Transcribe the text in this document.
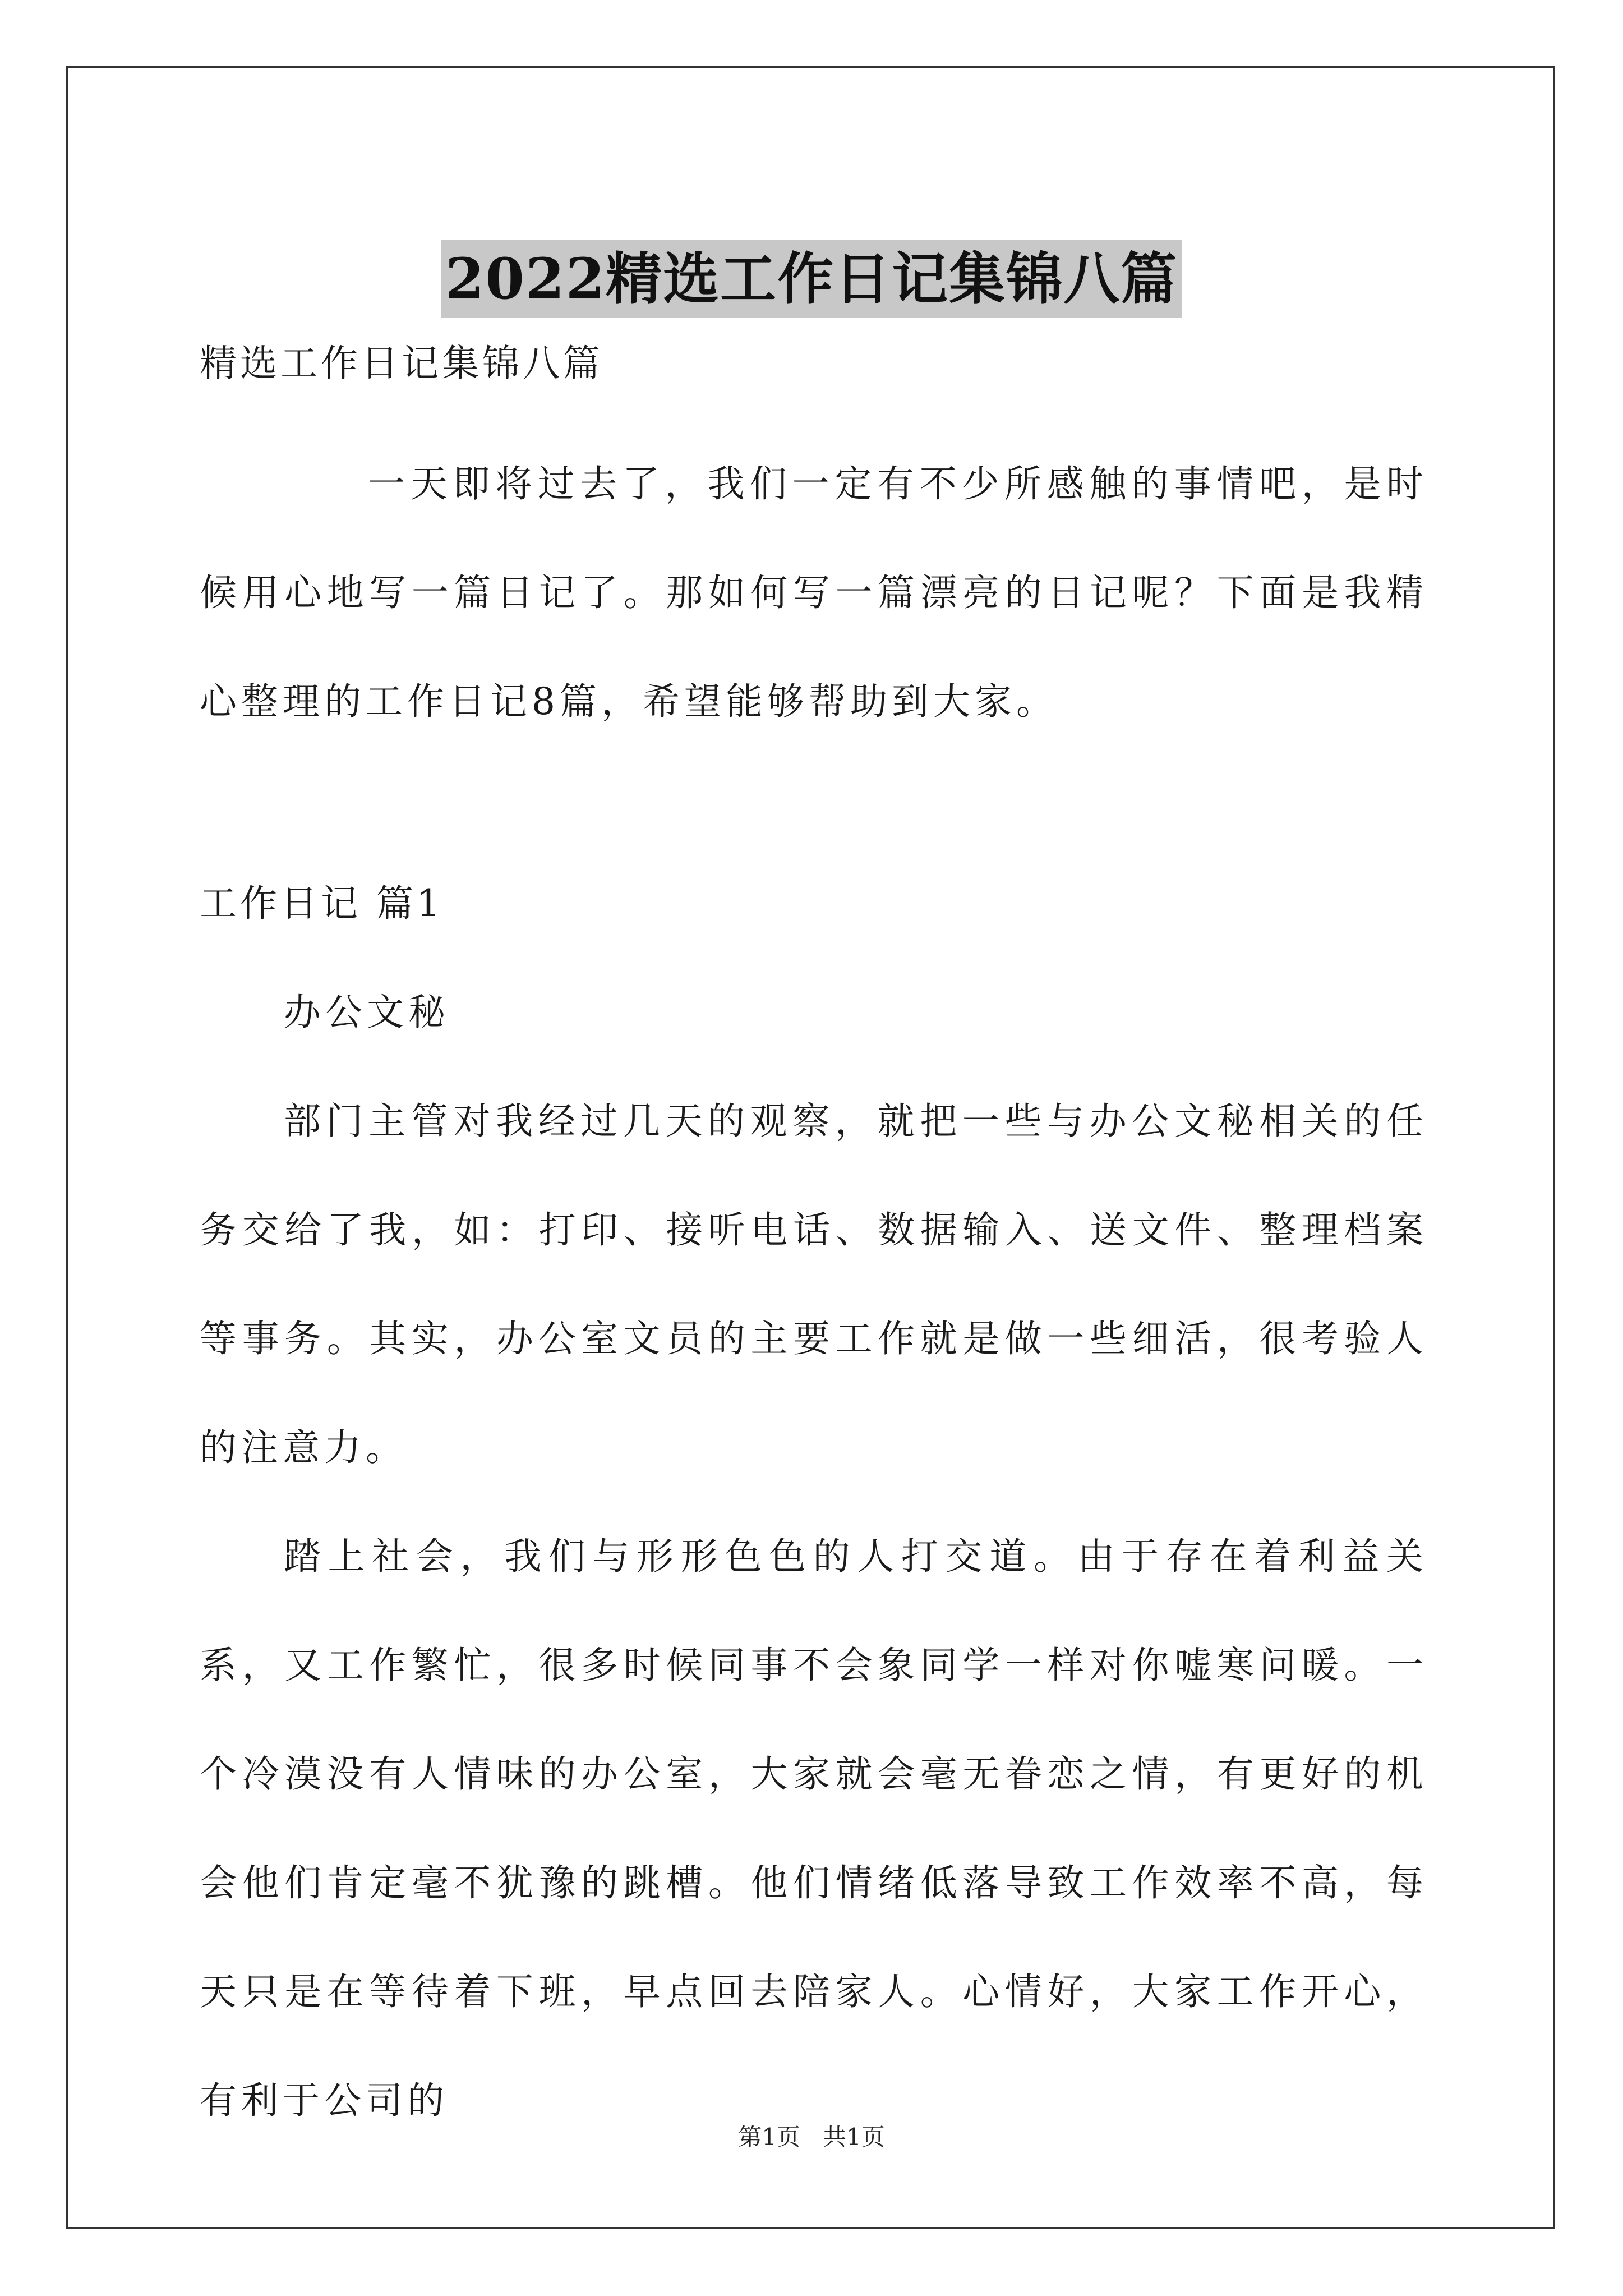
2022精选工作日记集锦八篇

精选工作日记集锦八篇

一天即将过去了，我们一定有不少所感触的事情吧，是时候用心地写一篇日记了。那如何写一篇漂亮的日记呢？下面是我精心整理的工作日记8篇，希望能够帮助到大家。

工作日记 篇1

办公文秘

部门主管对我经过几天的观察，就把一些与办公文秘相关的任务交给了我，如：打印、接听电话、数据输入、送文件、整理档案等事务。其实，办公室文员的主要工作就是做一些细活，很考验人的注意力。

踏上社会，我们与形形色色的人打交道。由于存在着利益关系，又工作繁忙，很多时候同事不会象同学一样对你嘘寒问暖。一个冷漠没有人情味的办公室，大家就会毫无眷恋之情，有更好的机会他们肯定毫不犹豫的跳槽。他们情绪低落导致工作效率不高，每天只是在等待着下班，早点回去陪家人。心情好，大家工作开心，有利于公司的

第1页 共1页
